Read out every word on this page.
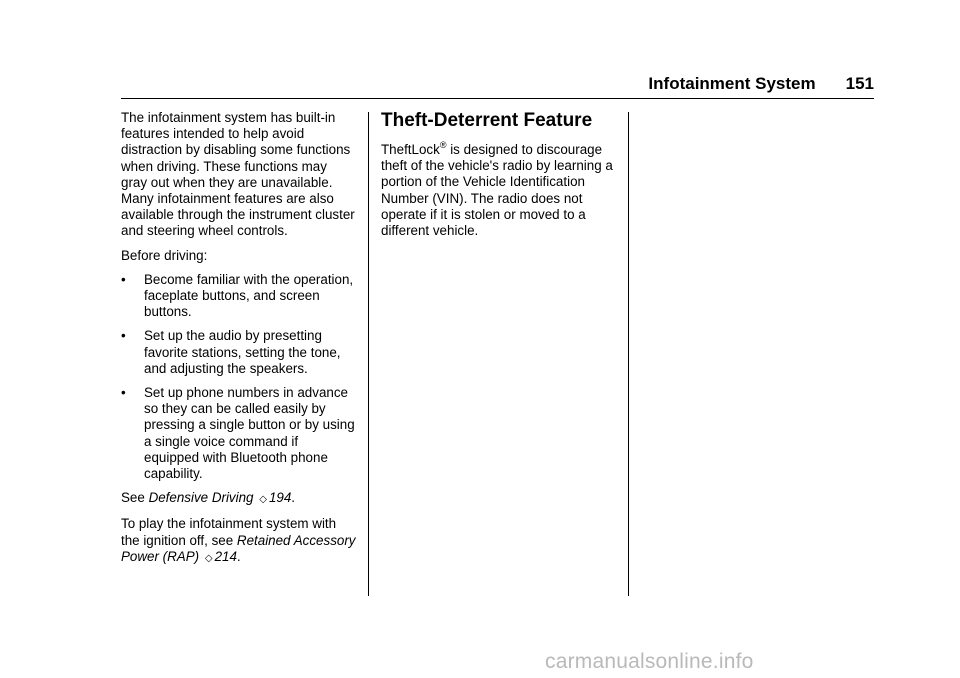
Infotainment System 151

The infotainment system has built-in features intended to help avoid distraction by disabling some functions when driving. These functions may gray out when they are unavailable. Many infotainment features are also available through the instrument cluster and steering wheel controls.

Before driving:

• Become familiar with the operation, faceplate buttons, and screen buttons.
• Set up the audio by presetting favorite stations, setting the tone, and adjusting the speakers.
• Set up phone numbers in advance so they can be called easily by pressing a single button or by using a single voice command if equipped with Bluetooth phone capability.

See Defensive Driving ◇ 194.

To play the infotainment system with the ignition off, see Retained Accessory Power (RAP) ◇ 214.

Theft-Deterrent Feature

TheftLock® is designed to discourage theft of the vehicle's radio by learning a portion of the Vehicle Identification Number (VIN). The radio does not operate if it is stolen or moved to a different vehicle.

carmanualsonline.info
